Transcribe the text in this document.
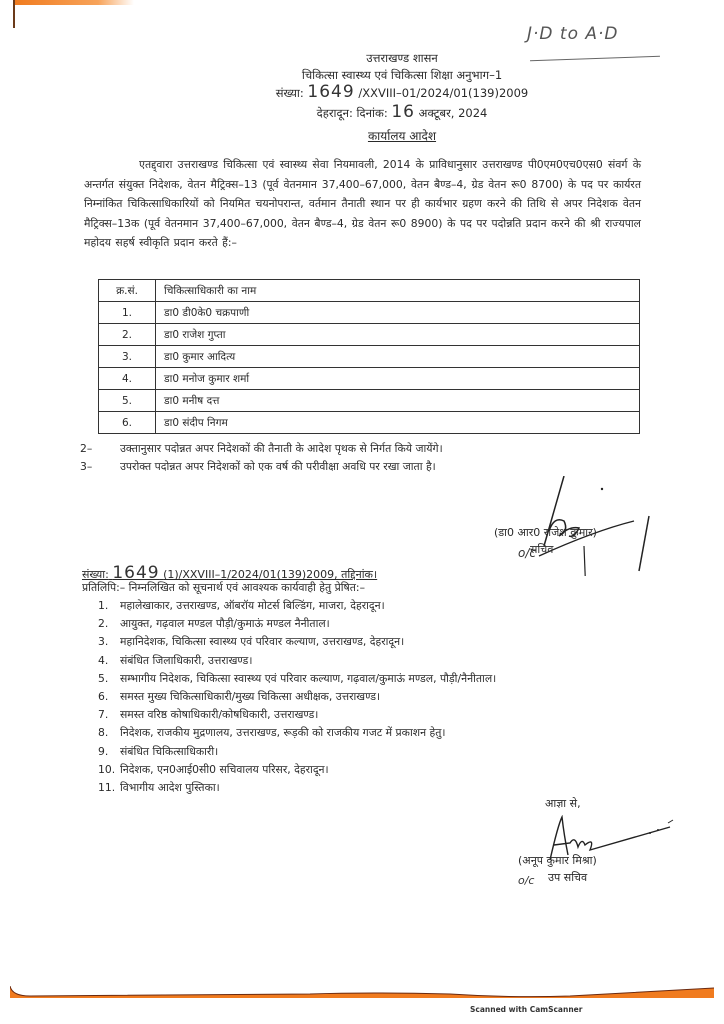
J·D to A·D
उत्तराखण्ड शासन
चिकित्सा स्वास्थ्य एवं चिकित्सा शिक्षा अनुभाग–1
संख्या: 1649 /XXVIII–01/2024/01(139)2009
देहरादून: दिनांक: 16 अक्टूबर, 2024
कार्यालय आदेश
एतद्द्वारा उत्तराखण्ड चिकित्सा एवं स्वास्थ्य सेवा नियमावली, 2014 के प्राविधानुसार उत्तराखण्ड पी0एम0एच0एस0 संवर्ग के अन्तर्गत संयुक्त निदेशक, वेतन मैट्रिक्स–13 (पूर्व वेतनमान 37,400–67,000, वेतन बैण्ड–4, ग्रेड वेतन रू0 8700) के पद पर कार्यरत निम्नांकित चिकित्साधिकारियों को नियमित चयनोपरान्त, वर्तमान तैनाती स्थान पर ही कार्यभार ग्रहण करने की तिथि से अपर निदेशक वेतन मैट्रिक्स–13क (पूर्व वेतनमान 37,400–67,000, वेतन बैण्ड–4, ग्रेड वेतन रू0 8900) के पद पर पदोन्नति प्रदान करने की श्री राज्यपाल महोदय सहर्ष स्वीकृति प्रदान करते हैं:–
क्र.सं.	चिकित्साधिकारी का नाम
1.	डा0 डी0के0 चक्रपाणी
2.	डा0 राजेश गुप्ता
3.	डा0 कुमार आदित्य
4.	डा0 मनोज कुमार शर्मा
5.	डा0 मनीष दत्त
6.	डा0 संदीप निगम
2–	उक्तानुसार पदोन्नत अपर निदेशकों की तैनाती के आदेश पृथक से निर्गत किये जायेंगे।
3–	उपरोक्त पदोन्नत अपर निदेशकों को एक वर्ष की परीवीक्षा अवधि पर रखा जाता है।
(डा0 आर0 राजेश कुमार)
o/c
सचिव
संख्या: 1649 (1)/XXVIII–1/2024/01(139)2009, तद्दिनांक।
प्रतिलिपि:– निम्नलिखित को सूचनार्थ एवं आवश्यक कार्यवाही हेतु प्रेषित:–
1.	महालेखाकार, उत्तराखण्ड, ऑबरॉय मोटर्स बिल्डिंग, माजरा, देहरादून।
2.	आयुक्त, गढ़वाल मण्डल पौड़ी/कुमाऊं मण्डल नैनीताल।
3.	महानिदेशक, चिकित्सा स्वास्थ्य एवं परिवार कल्याण, उत्तराखण्ड, देहरादून।
4.	संबंधित जिलाधिकारी, उत्तराखण्ड।
5.	सम्भागीय निदेशक, चिकित्सा स्वास्थ्य एवं परिवार कल्याण, गढ़वाल/कुमाऊं मण्डल, पौड़ी/नैनीताल।
6.	समस्त मुख्य चिकित्साधिकारी/मुख्य चिकित्सा अधीक्षक, उत्तराखण्ड।
7.	समस्त वरिष्ठ कोषाधिकारी/कोषधिकारी, उत्तराखण्ड।
8.	निदेशक, राजकीय मुद्रणालय, उत्तराखण्ड, रूड़की को राजकीय गजट में प्रकाशन हेतु।
9.	संबंधित चिकित्साधिकारी।
10. निदेशक, एन0आई0सी0 सचिवालय परिसर, देहरादून।
11. विभागीय आदेश पुस्तिका।
आज्ञा से,
(अनूप कुमार मिश्रा)
o/c उप सचिव
Scanned with CamScanner
